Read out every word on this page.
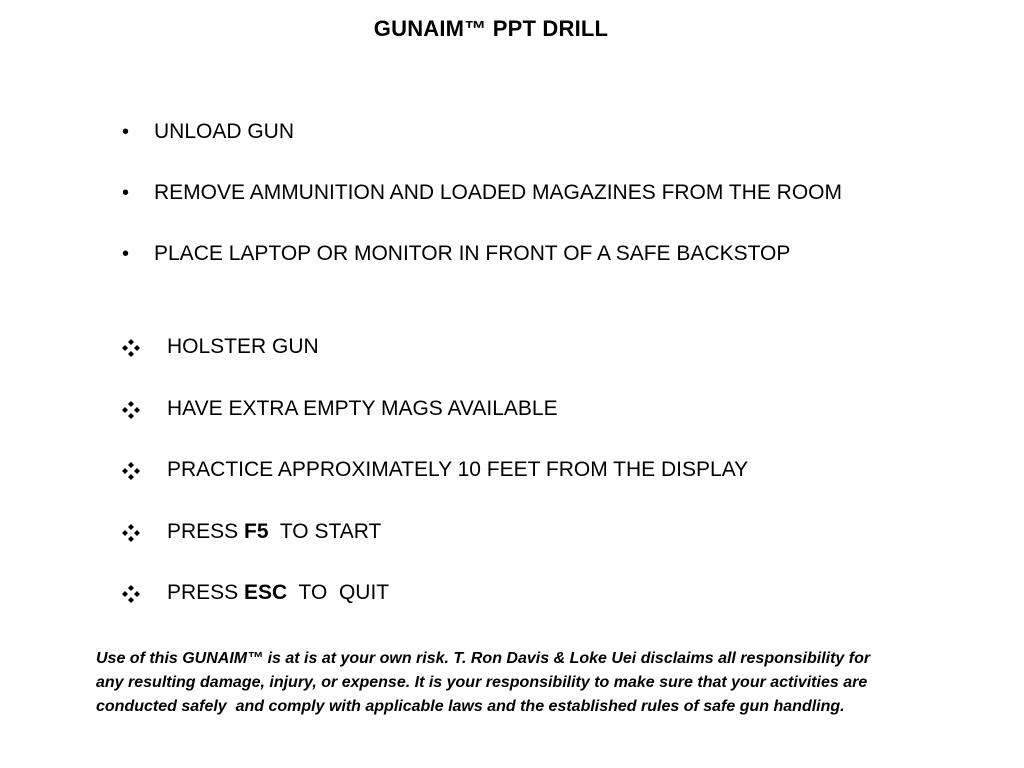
GUNAIM™ PPT DRILL
•	UNLOAD GUN
•	REMOVE AMMUNITION AND LOADED MAGAZINES FROM THE ROOM
•	PLACE LAPTOP OR MONITOR IN FRONT OF A SAFE BACKSTOP
HOLSTER GUN
HAVE EXTRA EMPTY MAGS AVAILABLE
PRACTICE APPROXIMATELY 10 FEET FROM THE DISPLAY
PRESS F5  TO START
PRESS ESC  TO  QUIT
Use of this GUNAIM™ is at is at your own risk. T. Ron Davis & Loke Uei disclaims all responsibility for
any resulting damage, injury, or expense. It is your responsibility to make sure that your activities are
conducted safely  and comply with applicable laws and the established rules of safe gun handling.
